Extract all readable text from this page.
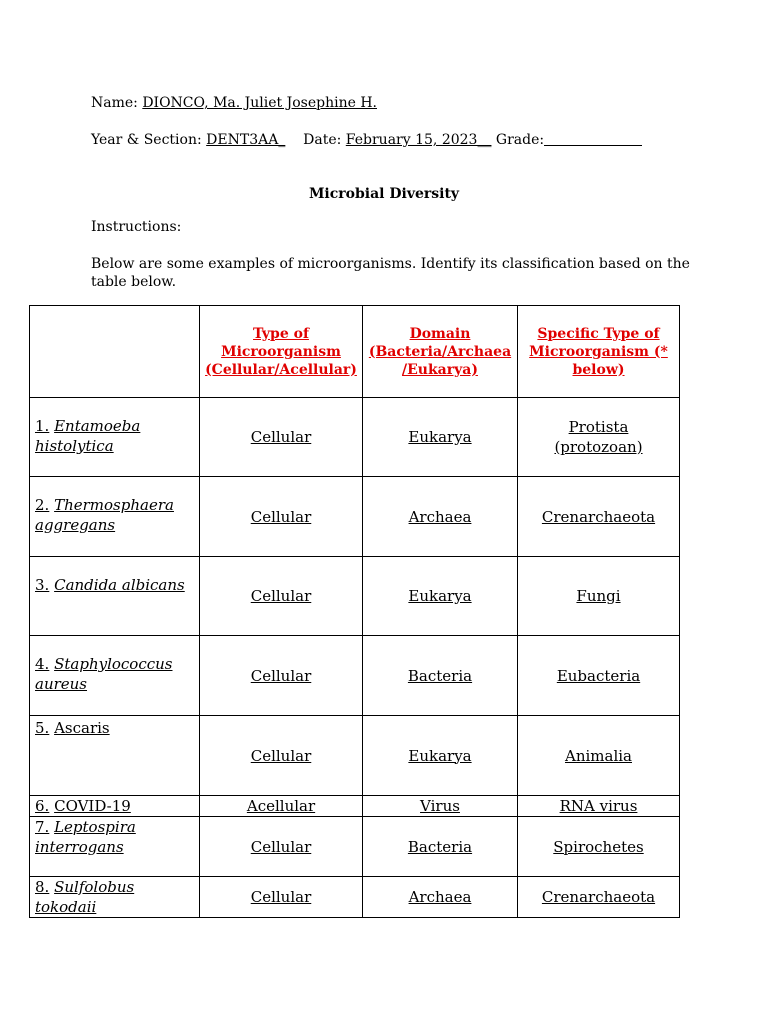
Name: DIONCO, Ma. Juliet Josephine H.
Year & Section: DENT3AA_ Date: February 15, 2023__ Grade:
Microbial Diversity
Instructions:
Below are some examples of microorganisms. Identify its classification based on the table below.
	Type of Microorganism (Cellular/Acellular)	Domain (Bacteria/Archaea /Eukarya)	Specific Type of Microorganism (* below)
1. Entamoeba histolytica	Cellular	Eukarya	Protista (protozoan)
2. Thermosphaera aggregans	Cellular	Archaea	Crenarchaeota
3. Candida albicans	Cellular	Eukarya	Fungi
4. Staphylococcus aureus	Cellular	Bacteria	Eubacteria
5. Ascaris	Cellular	Eukarya	Animalia
6. COVID-19	Acellular	Virus	RNA virus
7. Leptospira interrogans	Cellular	Bacteria	Spirochetes
8. Sulfolobus tokodaii	Cellular	Archaea	Crenarchaeota
